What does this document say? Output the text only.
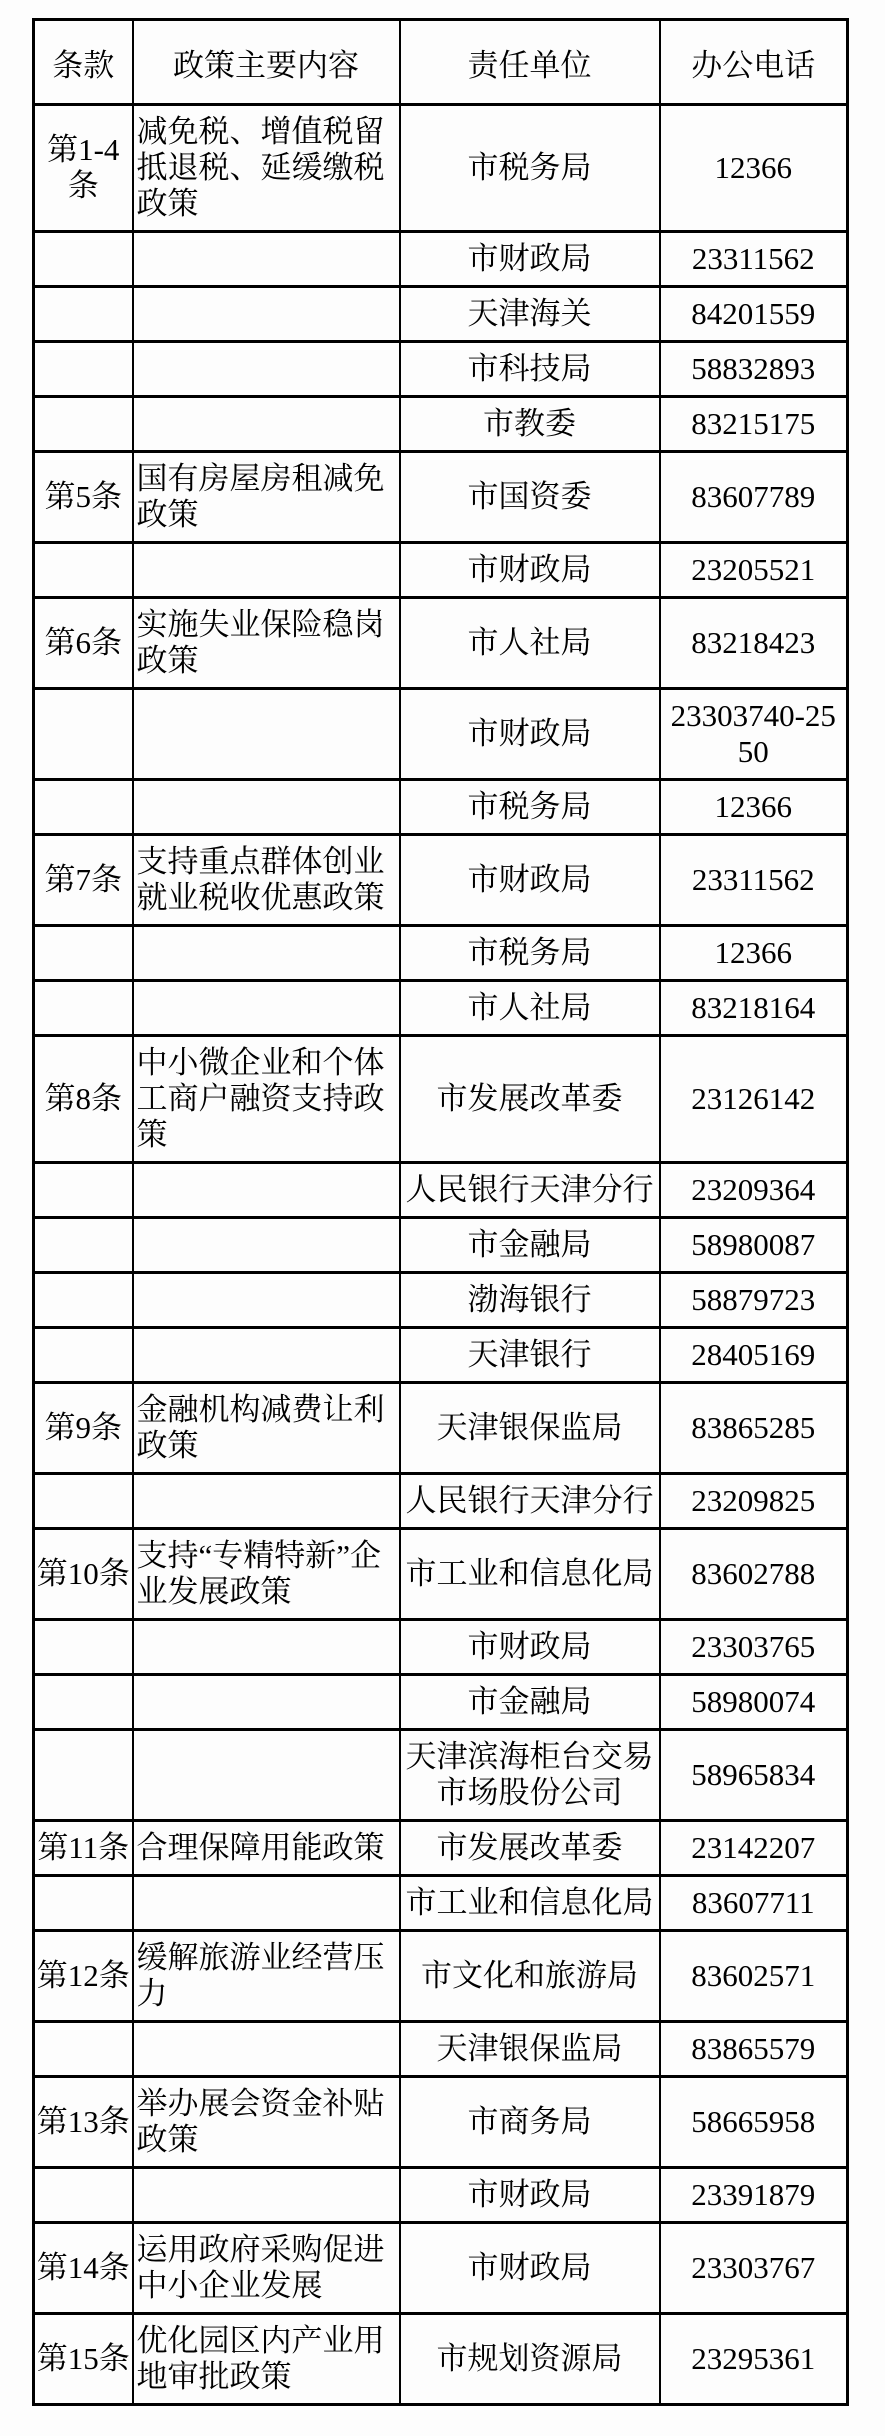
条款	政策主要内容	责任单位	办公电话
第1-4条	减免税、增值税留抵退税、延缓缴税政策	市税务局	12366
		市财政局	23311562
		天津海关	84201559
		市科技局	58832893
		市教委	83215175
第5条	国有房屋房租减免政策	市国资委	83607789
		市财政局	23205521
第6条	实施失业保险稳岗政策	市人社局	83218423
		市财政局	23303740-2550
		市税务局	12366
第7条	支持重点群体创业就业税收优惠政策	市财政局	23311562
		市税务局	12366
		市人社局	83218164
第8条	中小微企业和个体工商户融资支持政策	市发展改革委	23126142
		人民银行天津分行	23209364
		市金融局	58980087
		渤海银行	58879723
		天津银行	28405169
第9条	金融机构减费让利政策	天津银保监局	83865285
		人民银行天津分行	23209825
第10条	支持“专精特新”企业发展政策	市工业和信息化局	83602788
		市财政局	23303765
		市金融局	58980074
		天津滨海柜台交易市场股份公司	58965834
第11条	合理保障用能政策	市发展改革委	23142207
		市工业和信息化局	83607711
第12条	缓解旅游业经营压力	市文化和旅游局	83602571
		天津银保监局	83865579
第13条	举办展会资金补贴政策	市商务局	58665958
		市财政局	23391879
第14条	运用政府采购促进中小企业发展	市财政局	23303767
第15条	优化园区内产业用地审批政策	市规划资源局	23295361
